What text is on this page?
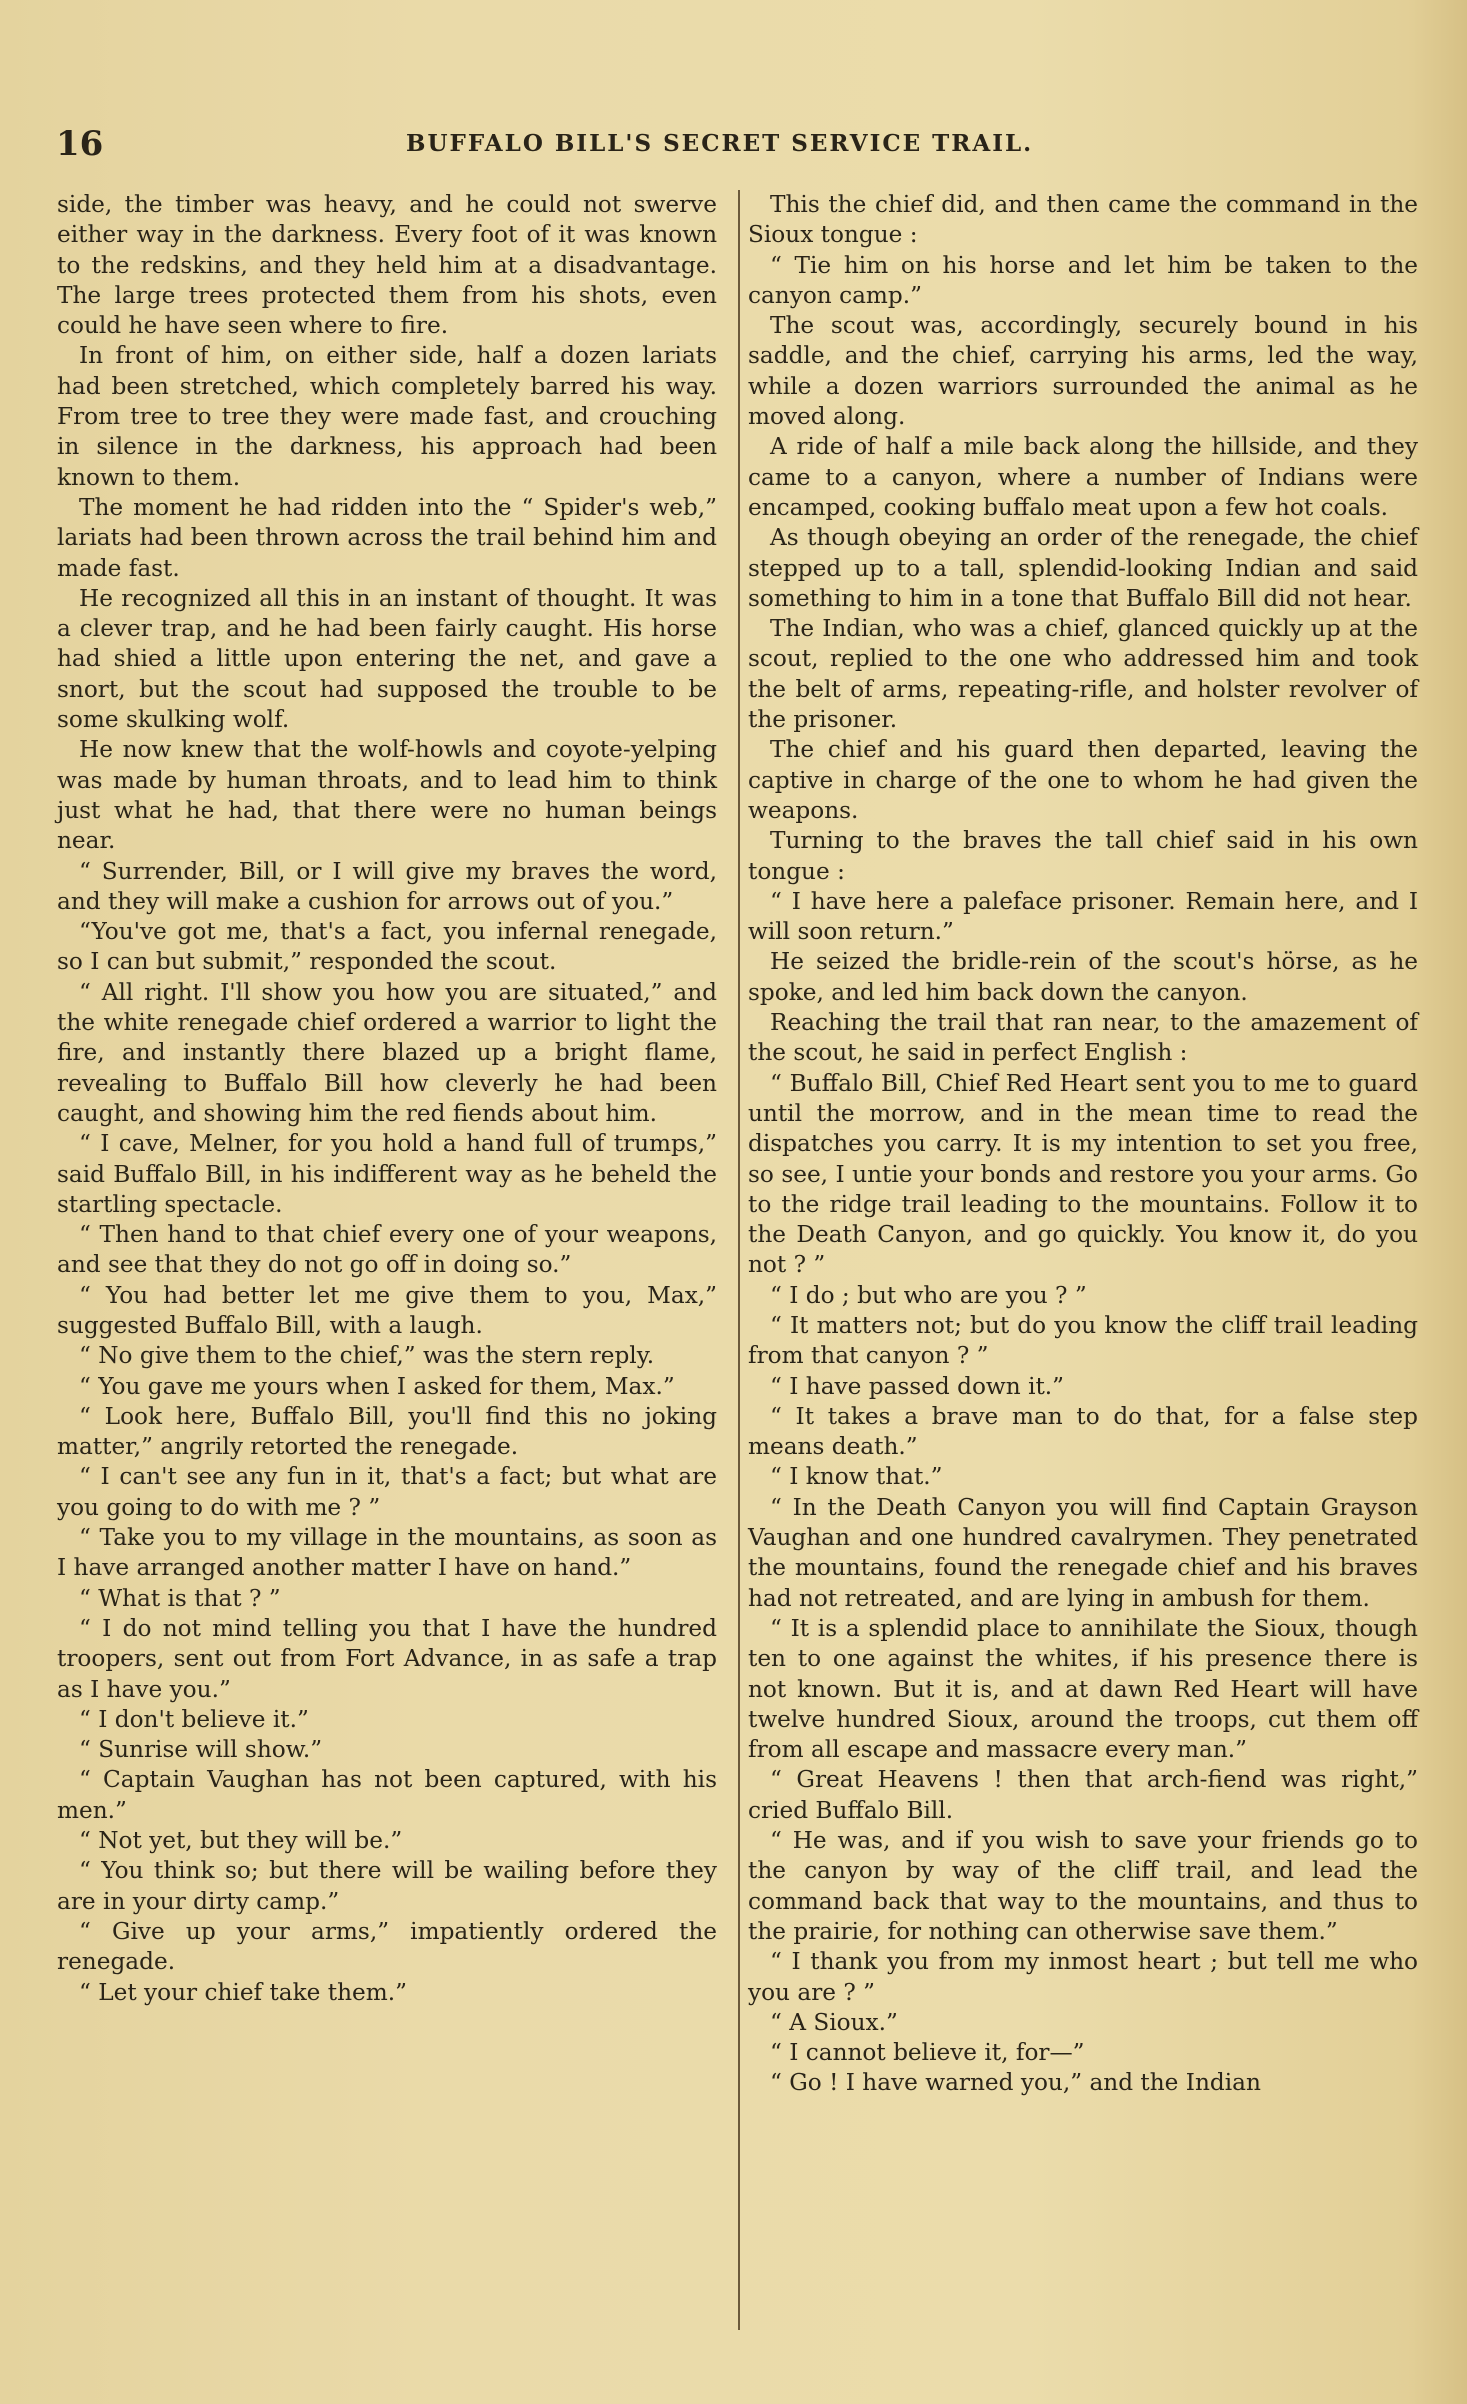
16	BUFFALO BILL'S SECRET SERVICE TRAIL.

side, the timber was heavy, and he could not swerve either way in the darkness. Every foot of it was known to the redskins, and they held him at a disadvantage. The large trees protected them from his shots, even could he have seen where to fire.

In front of him, on either side, half a dozen lariats had been stretched, which completely barred his way. From tree to tree they were made fast, and crouching in silence in the darkness, his approach had been known to them.

The moment he had ridden into the “ Spider's web,” lariats had been thrown across the trail behind him and made fast.

He recognized all this in an instant of thought. It was a clever trap, and he had been fairly caught. His horse had shied a little upon entering the net, and gave a snort, but the scout had supposed the trouble to be some skulking wolf.

He now knew that the wolf-howls and coyote-yelping was made by human throats, and to lead him to think just what he had, that there were no human beings near.

“ Surrender, Bill, or I will give my braves the word, and they will make a cushion for arrows out of you.”

“You've got me, that's a fact, you infernal renegade, so I can but submit,” responded the scout.

“ All right. I'll show you how you are situated,” and the white renegade chief ordered a warrior to light the fire, and instantly there blazed up a bright flame, revealing to Buffalo Bill how cleverly he had been caught, and showing him the red fiends about him.

“ I cave, Melner, for you hold a hand full of trumps,” said Buffalo Bill, in his indifferent way as he beheld the startling spectacle.

“ Then hand to that chief every one of your weapons, and see that they do not go off in doing so.”

“ You had better let me give them to you, Max,” suggested Buffalo Bill, with a laugh.

“ No give them to the chief,” was the stern reply.

“ You gave me yours when I asked for them, Max.”

“ Look here, Buffalo Bill, you'll find this no joking matter,” angrily retorted the renegade.

“ I can't see any fun in it, that's a fact; but what are you going to do with me ? ”

“ Take you to my village in the mountains, as soon as I have arranged another matter I have on hand.”

“ What is that ? ”

“ I do not mind telling you that I have the hundred troopers, sent out from Fort Advance, in as safe a trap as I have you.”

“ I don't believe it.”

“ Sunrise will show.”

“ Captain Vaughan has not been captured, with his men.”

“ Not yet, but they will be.”

“ You think so; but there will be wailing before they are in your dirty camp.”

“ Give up your arms,” impatiently ordered the renegade.

“ Let your chief take them.”

This the chief did, and then came the command in the Sioux tongue :

“ Tie him on his horse and let him be taken to the canyon camp.”

The scout was, accordingly, securely bound in his saddle, and the chief, carrying his arms, led the way, while a dozen warriors surrounded the animal as he moved along.

A ride of half a mile back along the hillside, and they came to a canyon, where a number of Indians were encamped, cooking buffalo meat upon a few hot coals.

As though obeying an order of the renegade, the chief stepped up to a tall, splendid-looking Indian and said something to him in a tone that Buffalo Bill did not hear.

The Indian, who was a chief, glanced quickly up at the scout, replied to the one who addressed him and took the belt of arms, repeating-rifle, and holster revolver of the prisoner.

The chief and his guard then departed, leaving the captive in charge of the one to whom he had given the weapons.

Turning to the braves the tall chief said in his own tongue :

“ I have here a paleface prisoner. Remain here, and I will soon return.”

He seized the bridle-rein of the scout's hörse, as he spoke, and led him back down the canyon.

Reaching the trail that ran near, to the amazement of the scout, he said in perfect English :

“ Buffalo Bill, Chief Red Heart sent you to me to guard until the morrow, and in the mean time to read the dispatches you carry. It is my intention to set you free, so see, I untie your bonds and restore you your arms. Go to the ridge trail leading to the mountains. Follow it to the Death Canyon, and go quickly. You know it, do you not ? ”

“ I do ; but who are you ? ”

“ It matters not; but do you know the cliff trail leading from that canyon ? ”

“ I have passed down it.”

“ It takes a brave man to do that, for a false step means death.”

“ I know that.”

“ In the Death Canyon you will find Captain Grayson Vaughan and one hundred cavalrymen. They penetrated the mountains, found the renegade chief and his braves had not retreated, and are lying in ambush for them.

“ It is a splendid place to annihilate the Sioux, though ten to one against the whites, if his presence there is not known. But it is, and at dawn Red Heart will have twelve hundred Sioux, around the troops, cut them off from all escape and massacre every man.”

“ Great Heavens ! then that arch-fiend was right,” cried Buffalo Bill.

“ He was, and if you wish to save your friends go to the canyon by way of the cliff trail, and lead the command back that way to the mountains, and thus to the prairie, for nothing can otherwise save them.”

“ I thank you from my inmost heart ; but tell me who you are ? ”

“ A Sioux.”

“ I cannot believe it, for—”

“ Go ! I have warned you,” and the Indian
